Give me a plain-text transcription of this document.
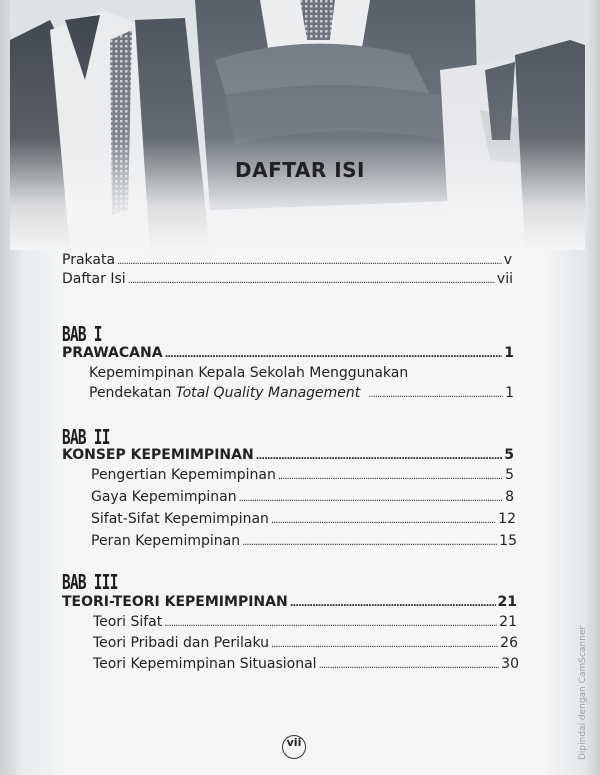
DAFTAR ISI
Prakata .....	v
Daftar Isi .....	vii
BAB I
PRAWACANA .....	1
Kepemimpinan Kepala Sekolah Menggunakan
Pendekatan Total Quality Management .....	1
BAB II
KONSEP KEPEMIMPINAN .....	5
Pengertian Kepemimpinan .....	5
Gaya Kepemimpinan .....	8
Sifat-Sifat Kepemimpinan .....	12
Peran Kepemimpinan .....	15
BAB III
TEORI-TEORI KEPEMIMPINAN .....	21
Teori Sifat .....	21
Teori Pribadi dan Perilaku .....	26
Teori Kepemimpinan Situasional .....	30
vii	Dipindai dengan CamScanner
